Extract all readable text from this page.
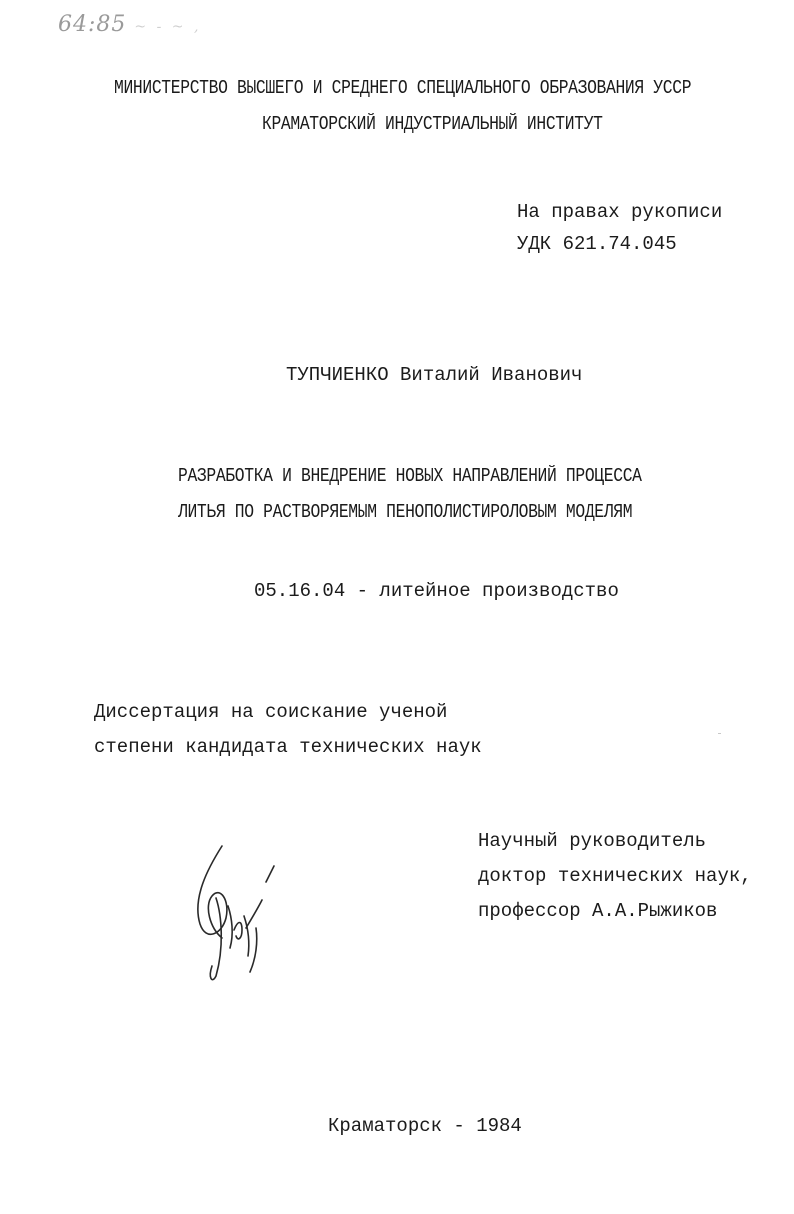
64:85 ~ - ~ ,
МИНИСТЕРСТВО ВЫСШЕГО И СРЕДНЕГО СПЕЦИАЛЬНОГО ОБРАЗОВАНИЯ УССР
КРАМАТОРСКИЙ ИНДУСТРИАЛЬНЫЙ ИНСТИТУТ
На правах рукописи
УДК 621.74.045
ТУПЧИЕНКО Виталий Иванович
РАЗРАБОТКА И ВНЕДРЕНИЕ НОВЫХ НАПРАВЛЕНИЙ ПРОЦЕССА
ЛИТЬЯ ПО РАСТВОРЯЕМЫМ ПЕНОПОЛИСТИРОЛОВЫМ МОДЕЛЯМ
05.16.04 - литейное производство
Диссертация на соискание ученой
степени кандидата технических наук
Научный руководитель
доктор технических наук,
профессор А.А.Рыжиков
Краматорск - 1984
